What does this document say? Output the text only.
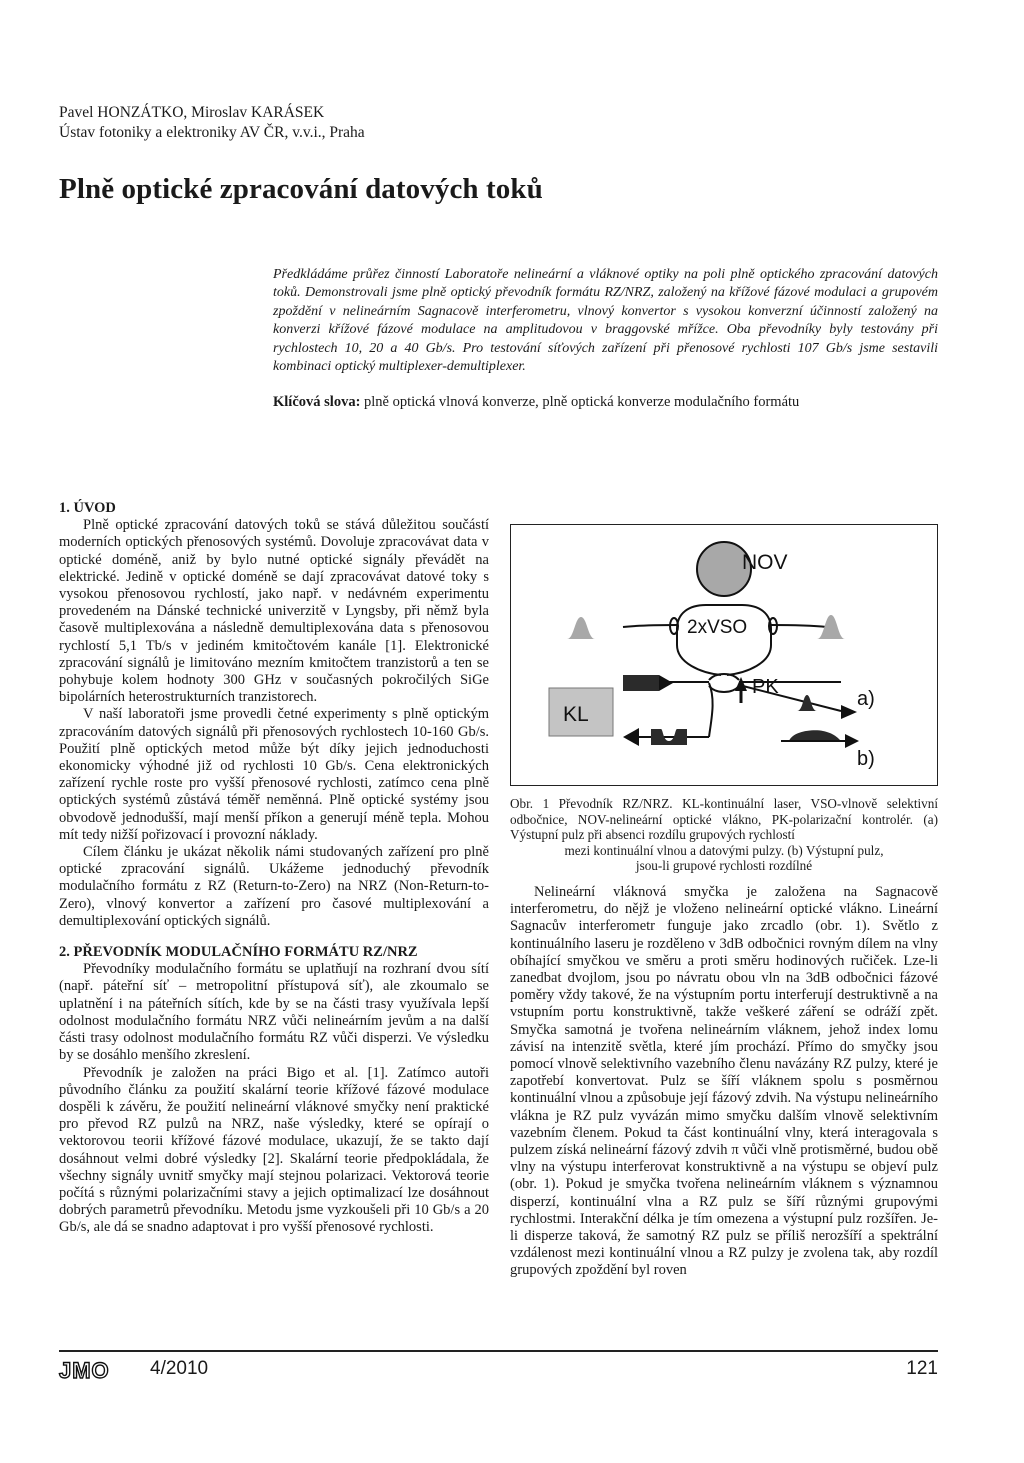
Pavel HONZÁTKO, Miroslav KARÁSEK
Ústav fotoniky a elektroniky AV ČR, v.v.i., Praha
Plně optické zpracování datových toků
Předkládáme průřez činností Laboratoře nelineární a vláknové optiky na poli plně optického zpracování datových toků. Demonstrovali jsme plně optický převodník formátu RZ/NRZ, založený na křížové fázové modulaci a grupovém zpoždění v nelineárním Sagnacově interferometru, vlnový konvertor s vysokou konverzní účinností založený na konverzi křížové fázové modulace na amplitudovou v braggovské mřížce. Oba převodníky byly testovány při rychlostech 10, 20 a 40 Gb/s. Pro testování síťových zařízení při přenosové rychlosti 107 Gb/s jsme sestavili kombinaci optický multiplexer-demultiplexer.
Klíčová slova: plně optická vlnová konverze, plně optická konverze modulačního formátu
1. ÚVOD

Plně optické zpracování datových toků se stává důležitou součástí moderních optických přenosových systémů. Dovoluje zpracovávat data v optické doméně, aniž by bylo nutné optické signály převádět na elektrické. Jedině v optické doméně se dají zpracovávat datové toky s vysokou přenosovou rychlostí, jako např. v nedávném experimentu provedeném na Dánské technické univerzitě v Lyngsby, při němž byla časově multiplexována a následně demultiplexována data s přenosovou rychlostí 5,1 Tb/s v jediném kmitočtovém kanále [1]. Elektronické zpracování signálů je limitováno mezním kmitočtem tranzistorů a ten se pohybuje kolem hodnoty 300 GHz v současných pokročilých SiGe bipolárních heterostrukturních tranzistorech.

V naší laboratoři jsme provedli četné experimenty s plně optickým zpracováním datových signálů při přenosových rychlostech 10-160 Gb/s. Použití plně optických metod může být díky jejich jednoduchosti ekonomicky výhodné již od rychlosti 10 Gb/s. Cena elektronických zařízení rychle roste pro vyšší přenosové rychlosti, zatímco cena plně optických systémů zůstává téměř neměnná. Plně optické systémy jsou obvodově jednodušší, mají menší příkon a generují méně tepla. Mohou mít tedy nižší pořizovací i provozní náklady.

Cílem článku je ukázat několik námi studovaných zařízení pro plně optické zpracování signálů. Ukážeme jednoduchý převodník modulačního formátu z RZ (Return-to-Zero) na NRZ (Non-Return-to-Zero), vlnový konvertor a zařízení pro časové multiplexování a demultiplexování optických signálů.

2. PŘEVODNÍK MODULAČNÍHO FORMÁTU RZ/NRZ

Převodníky modulačního formátu se uplatňují na rozhraní dvou sítí (např. páteřní síť – metropolitní přístupová síť), ale zkoumalo se uplatnění i na páteřních sítích, kde by se na části trasy využívala lepší odolnost modulačního formátu NRZ vůči nelineárním jevům a na další části trasy odolnost modulačního formátu RZ vůči disperzi. Ve výsledku by se dosáhlo menšího zkreslení.

Převodník je založen na práci Bigo et al. [1]. Zatímco autoři původního článku za použití skalární teorie křížové fázové modulace dospěli k závěru, že použití nelineární vláknové smyčky není praktické pro převod RZ pulzů na NRZ, naše výsledky, které se opírají o vektorovou teorii křížové fázové modulace, ukazují, že se takto dají dosáhnout velmi dobré výsledky [2]. Skalární teorie předpokládala, že všechny signály uvnitř smyčky mají stejnou polarizaci. Vektorová teorie počítá s různými polarizačními stavy a jejich optimalizací lze dosáhnout dobrých parametrů převodníku. Metodu jsme vyzkoušeli při 10 Gb/s a 20 Gb/s, ale dá se snadno adaptovat i pro vyšší přenosové rychlosti.

NOV
2xVSO
PK
KL
a)
b)
Obr. 1 Převodník RZ/NRZ. KL-kontinuální laser, VSO-vlnově selektivní odbočnice, NOV-nelineární optické vlákno, PK-polarizační kontrolér. (a) Výstupní pulz při absenci rozdílu grupových rychlostí
mezi kontinuální vlnou a datovými pulzy. (b) Výstupní pulz,
jsou-li grupové rychlosti rozdílné

Nelineární vláknová smyčka je založena na Sagnacově interferometru, do nějž je vloženo nelineární optické vlákno. Lineární Sagnacův interferometr funguje jako zrcadlo (obr. 1). Světlo z kontinuálního laseru je rozděleno v 3dB odbočnici rovným dílem na vlny obíhající smyčkou ve směru a proti směru hodinových ručiček. Lze-li zanedbat dvojlom, jsou po návratu obou vln na 3dB odbočnici fázové poměry vždy takové, že na výstupním portu interferují destruktivně a na vstupním portu konstruktivně, takže veškeré záření se odráží zpět. Smyčka samotná je tvořena nelineárním vláknem, jehož index lomu závisí na intenzitě světla, které jím prochází. Přímo do smyčky jsou pomocí vlnově selektivního vazebního členu navázány RZ pulzy, které je zapotřebí konvertovat. Pulz se šíří vláknem spolu s posměrnou kontinuální vlnou a způsobuje její fázový zdvih. Na výstupu nelineárního vlákna je RZ pulz vyvázán mimo smyčku dalším vlnově selektivním vazebním členem. Pokud ta část kontinuální vlny, která interagovala s pulzem získá nelineární fázový zdvih π vůči vlně protisměrné, budou obě vlny na výstupu interferovat konstruktivně a na výstupu se objeví pulz (obr. 1). Pokud je smyčka tvořena nelineárním vláknem s významnou disperzí, kontinuální vlna a RZ pulz se šíří různými grupovými rychlostmi. Interakční délka je tím omezena a výstupní pulz rozšířen. Je-li disperze taková, že samotný RZ pulz se příliš nerozšíří a spektrální vzdálenost mezi kontinuální vlnou a RZ pulzy je zvolena tak, aby rozdíl grupových zpoždění byl roven

JMO 4/2010	121
